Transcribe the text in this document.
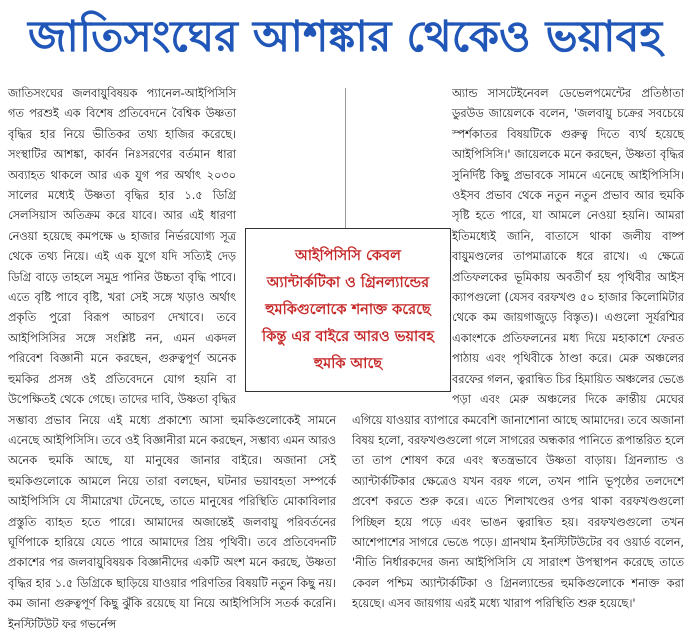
জাতিসংঘের আশঙ্কার থেকেও ভয়াবহ

জাতিসংঘের জলবায়ুবিষয়ক প্যানেল-আইপিসিসি গত পরশুই এক বিশেষ প্রতিবেদনে বৈশ্বিক উষ্ণতা বৃদ্ধির হার নিয়ে ভীতিকর তথ্য হাজির করেছে। সংস্থাটির আশঙ্কা, কার্বন নিঃসরণের বর্তমান ধারা অব্যাহত থাকলে আর এক যুগ পর অর্থাৎ ২০৩০ সালের মধ্যেই উষ্ণতা বৃদ্ধির হার ১.৫ ডিগ্রি সেলসিয়াস অতিক্রম করে যাবে। আর এই ধারণা নেওয়া হয়েছে কমপক্ষে ৬ হাজার নির্ভরযোগ্য সূত্র থেকে তথ্য নিয়ে। এই এক যুগে যদি সত্যিই দেড় ডিগ্রি বাড়ে তাহলে সমুদ্র পানির উচ্চতা বৃদ্ধি পাবে। এতে বৃষ্টি পাবে বৃষ্টি, খরা সেই সঙ্গে খড়াও অর্থাৎ প্রকৃতি পুরো বিরূপ আচরণ দেখাবে। তবে আইপিসিসির সঙ্গে সংশ্লিষ্ট নন, এমন একদল পরিবেশ বিজ্ঞানী মনে করছেন, গুরুত্বপূর্ণ অনেক হুমকির প্রসঙ্গ ওই প্রতিবেদনে যোগ হয়নি বা উপেক্ষিতই থেকে গেছে। তাদের দাবি, উষ্ণতা বৃদ্ধির সম্ভাব্য প্রভাব নিয়ে এই মধ্যে প্রকাশ্যে আসা হুমকিগুলোকেই সামনে এনেছে আইপিসিসি। তবে ওই বিজ্ঞানীরা মনে করছেন, সম্ভাব্য এমন আরও অনেক হুমকি আছে, যা মানুষের জানার বাইরে। অজানা সেই হুমকিগুলোকে আমলে নিয়ে তারা বলছেন, ঘটনার ভয়াবহতা সম্পর্কে আইপিসিসি যে সীমারেখা টেনেছে, তাতে মানুষের পরিস্থিতি মোকাবিলার প্রস্তুতি ব্যাহত হতে পারে। আমাদের অজান্তেই জলবায়ু পরিবর্তনের ঘূর্ণিপাকে হারিয়ে যেতে পারে আমাদের প্রিয় পৃথিবী। তবে প্রতিবেদনটি প্রকাশের পর জলবায়ুবিষয়ক বিজ্ঞানীদের একটি অংশ মনে করছে, উষ্ণতা বৃদ্ধির হার ১.৫ ডিগ্রিকে ছাড়িয়ে যাওয়ার পরিণতির বিষয়টি নতুন কিছু নয়। কম জানা গুরুত্বপূর্ণ কিছু ঝুঁকি রয়েছে যা নিয়ে আইপিসিসি সতর্ক করেনি। ইনস্টিটিউট ফর গভর্নেন্স

অ্যান্ড সাসটেইনেবল ডেভেলপমেন্টের প্রতিষ্ঠাতা ডুরউড জায়েলকে বলেন, 'জলবায়ু চক্রের সবচেয়ে স্পর্শকাতর বিষয়টিকে গুরুত্ব দিতে ব্যর্থ হয়েছে আইপিসিসি।' জায়েলকে মনে করছেন, উষ্ণতা বৃদ্ধির সুনির্দিষ্ট কিছু প্রভাবকে সামনে এনেছে আইপিসিসি। ওইসব প্রভাব থেকে নতুন নতুন প্রভাব আর হুমকি সৃষ্টি হতে পারে, যা আমলে নেওয়া হয়নি। আমরা ইতিমধ্যেই জানি, বাতাসে থাকা জলীয় বাষ্প বায়ুমণ্ডলের তাপমাত্রাকে ধরে রাখে। এ ক্ষেত্রে প্রতিফলকের ভূমিকায় অবতীর্ণ হয় পৃথিবীর আইস ক্যাপগুলো (যেসব বরফখণ্ড ৫০ হাজার কিলোমিটার থেকে কম জায়গাজুড়ে বিস্তৃত)। এগুলো সূর্যরশ্মির একাংশকে প্রতিফলনের মধ্য দিয়ে মহাকাশে ফেরত পাঠায় এবং পৃথিবীকে ঠাণ্ডা করে। মেরু অঞ্চলের বরফের গলন, ত্বরান্বিত চির হিমায়িত অঞ্চলের ভেঙে পড়া এবং মেরু অঞ্চলের দিকে ক্রান্তীয় মেঘের এগিয়ে যাওয়ার ব্যাপারে কমবেশি জানাশোনা আছে আমাদের। তবে অজানা বিষয় হলো, বরফখণ্ডগুলো গলে সাগরের অন্ধকার পানিতে রূপান্তরিত হলে তা তাপ শোষণ করে এবং স্বতন্ত্রভাবে উষ্ণতা বাড়ায়। গ্রিনল্যান্ড ও অ্যান্টার্কটিকার ক্ষেত্রেও যখন বরফ গলে, তখন পানি ভূপৃষ্ঠের তলদেশে প্রবেশ করতে শুরু করে। এতে শিলাখণ্ডের ওপর থাকা বরফখণ্ডগুলো পিচ্ছিল হয়ে পড়ে এবং ভাঙন ত্বরান্বিত হয়। বরফখণ্ডগুলো তখন আশেপাশের সাগরে ভেঙে পড়ে। গ্রানথাম ইনস্টিটিউটের বব ওয়ার্ড বলেন, 'নীতি নির্ধারকদের জন্য আইপিসিসি যে সারাংশ উপস্থাপন করেছে তাতে কেবল পশ্চিম অ্যান্টার্কটিকা ও গ্রিনল্যান্ডের হুমকিগুলোকে শনাক্ত করা হয়েছে। এসব জায়গায় এরই মধ্যে খারাপ পরিস্থিতি শুরু হয়েছে।'

আইপিসিসি কেবল অ্যান্টার্কটিকা ও গ্রিনল্যান্ডের হুমকিগুলোকে শনাক্ত করেছে কিন্তু এর বাইরে আরও ভয়াবহ হুমকি আছে
